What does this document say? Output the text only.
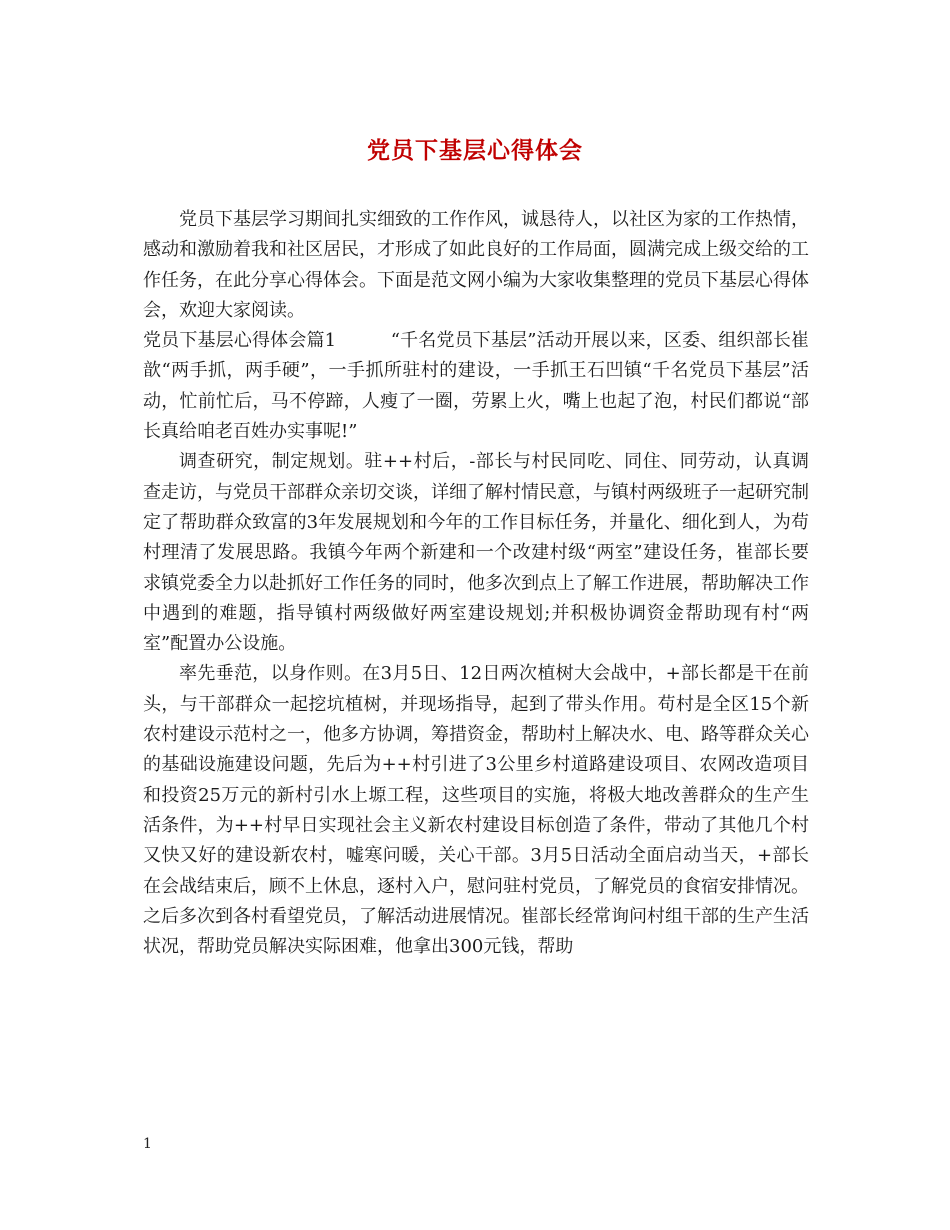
党员下基层心得体会

党员下基层学习期间扎实细致的工作作风，诚恳待人，以社区为家的工作热情，感动和激励着我和社区居民，才形成了如此良好的工作局面，圆满完成上级交给的工作任务，在此分享心得体会。下面是范文网小编为大家收集整理的党员下基层心得体会，欢迎大家阅读。

党员下基层心得体会篇1　　　“千名党员下基层”活动开展以来，区委、组织部长崔歆“两手抓，两手硬”，一手抓所驻村的建设，一手抓王石凹镇“千名党员下基层”活动，忙前忙后，马不停蹄，人瘦了一圈，劳累上火，嘴上也起了泡，村民们都说“部长真给咱老百姓办实事呢!”

调查研究，制定规划。驻++村后，-部长与村民同吃、同住、同劳动，认真调查走访，与党员干部群众亲切交谈，详细了解村情民意，与镇村两级班子一起研究制定了帮助群众致富的3年发展规划和今年的工作目标任务，并量化、细化到人，为苟村理清了发展思路。我镇今年两个新建和一个改建村级“两室”建设任务，崔部长要求镇党委全力以赴抓好工作任务的同时，他多次到点上了解工作进展，帮助解决工作中遇到的难题，指导镇村两级做好两室建设规划;并积极协调资金帮助现有村“两室”配置办公设施。

率先垂范，以身作则。在3月5日、12日两次植树大会战中，+部长都是干在前头，与干部群众一起挖坑植树，并现场指导，起到了带头作用。苟村是全区15个新农村建设示范村之一，他多方协调，筹措资金，帮助村上解决水、电、路等群众关心的基础设施建设问题，先后为++村引进了3公里乡村道路建设项目、农网改造项目和投资25万元的新村引水上塬工程，这些项目的实施，将极大地改善群众的生产生活条件，为++村早日实现社会主义新农村建设目标创造了条件，带动了其他几个村又快又好的建设新农村，嘘寒问暖，关心干部。3月5日活动全面启动当天，+部长在会战结束后，顾不上休息，逐村入户，慰问驻村党员，了解党员的食宿安排情况。之后多次到各村看望党员，了解活动进展情况。崔部长经常询问村组干部的生产生活状况，帮助党员解决实际困难，他拿出300元钱，帮助

1
